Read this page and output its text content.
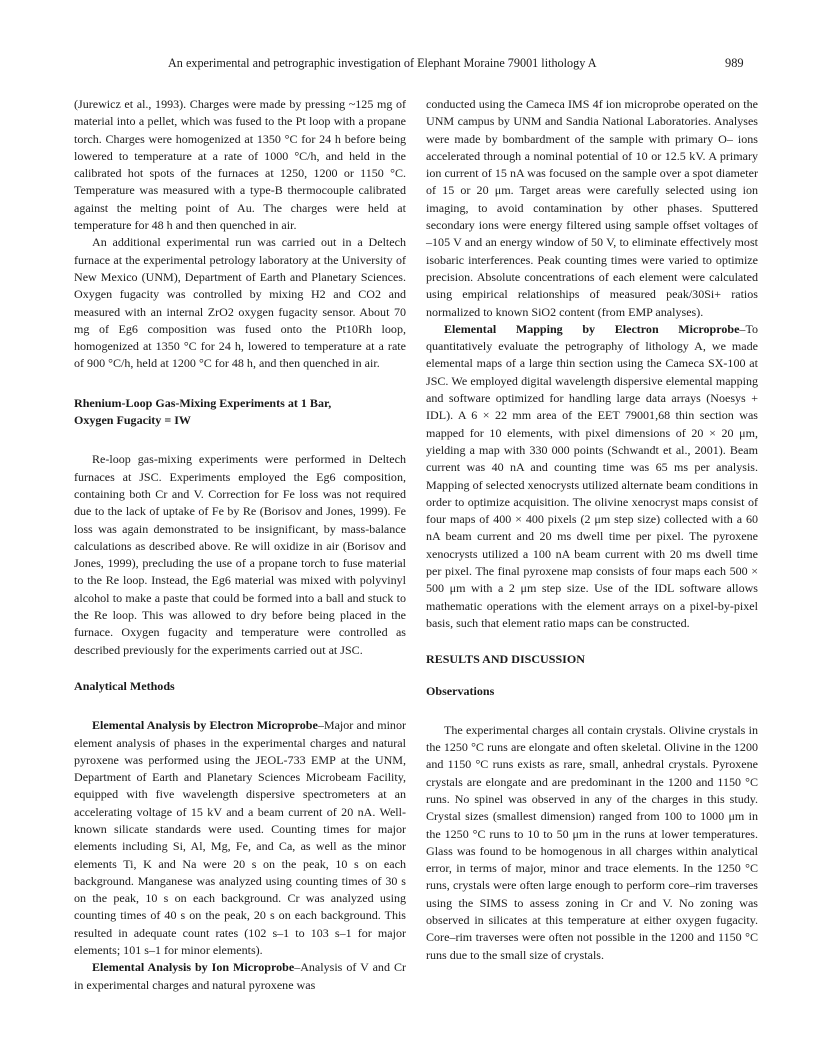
An experimental and petrographic investigation of Elephant Moraine 79001 lithology A	989

(Jurewicz et al., 1993). Charges were made by pressing ~125 mg of material into a pellet, which was fused to the Pt loop with a propane torch. Charges were homogenized at 1350 °C for 24 h before being lowered to temperature at a rate of 1000 °C/h, and held in the calibrated hot spots of the furnaces at 1250, 1200 or 1150 °C. Temperature was measured with a type-B thermocouple calibrated against the melting point of Au. The charges were held at temperature for 48 h and then quenched in air.

An additional experimental run was carried out in a Deltech furnace at the experimental petrology laboratory at the University of New Mexico (UNM), Department of Earth and Planetary Sciences. Oxygen fugacity was controlled by mixing H2 and CO2 and measured with an internal ZrO2 oxygen fugacity sensor. About 70 mg of Eg6 composition was fused onto the Pt10Rh loop, homogenized at 1350 °C for 24 h, lowered to temperature at a rate of 900 °C/h, held at 1200 °C for 48 h, and then quenched in air.

Rhenium-Loop Gas-Mixing Experiments at 1 Bar,

Oxygen Fugacity = IW

Re-loop gas-mixing experiments were performed in Deltech furnaces at JSC. Experiments employed the Eg6 composition, containing both Cr and V. Correction for Fe loss was not required due to the lack of uptake of Fe by Re (Borisov and Jones, 1999). Fe loss was again demonstrated to be insignificant, by mass-balance calculations as described above. Re will oxidize in air (Borisov and Jones, 1999), precluding the use of a propane torch to fuse material to the Re loop. Instead, the Eg6 material was mixed with polyvinyl alcohol to make a paste that could be formed into a ball and stuck to the Re loop. This was allowed to dry before being placed in the furnace. Oxygen fugacity and temperature were controlled as described previously for the experiments carried out at JSC.

Analytical Methods

Elemental Analysis by Electron Microprobe–Major and minor element analysis of phases in the experimental charges and natural pyroxene was performed using the JEOL-733 EMP at the UNM, Department of Earth and Planetary Sciences Microbeam Facility, equipped with five wavelength dispersive spectrometers at an accelerating voltage of 15 kV and a beam current of 20 nA. Well-known silicate standards were used. Counting times for major elements including Si, Al, Mg, Fe, and Ca, as well as the minor elements Ti, K and Na were 20 s on the peak, 10 s on each background. Manganese was analyzed using counting times of 30 s on the peak, 10 s on each background. Cr was analyzed using counting times of 40 s on the peak, 20 s on each background. This resulted in adequate count rates (102 s–1 to 103 s–1 for major elements; 101 s–1 for minor elements).

Elemental Analysis by Ion Microprobe–Analysis of V and Cr in experimental charges and natural pyroxene was

conducted using the Cameca IMS 4f ion microprobe operated on the UNM campus by UNM and Sandia National Laboratories. Analyses were made by bombardment of the sample with primary O– ions accelerated through a nominal potential of 10 or 12.5 kV. A primary ion current of 15 nA was focused on the sample over a spot diameter of 15 or 20 μm. Target areas were carefully selected using ion imaging, to avoid contamination by other phases. Sputtered secondary ions were energy filtered using sample offset voltages of –105 V and an energy window of 50 V, to eliminate effectively most isobaric interferences. Peak counting times were varied to optimize precision. Absolute concentrations of each element were calculated using empirical relationships of measured peak/30Si+ ratios normalized to known SiO2 content (from EMP analyses).

Elemental Mapping by Electron Microprobe–To quantitatively evaluate the petrography of lithology A, we made elemental maps of a large thin section using the Cameca SX-100 at JSC. We employed digital wavelength dispersive elemental mapping and software optimized for handling large data arrays (Noesys + IDL). A 6 × 22 mm area of the EET 79001,68 thin section was mapped for 10 elements, with pixel dimensions of 20 × 20 μm, yielding a map with 330 000 points (Schwandt et al., 2001). Beam current was 40 nA and counting time was 65 ms per analysis. Mapping of selected xenocrysts utilized alternate beam conditions in order to optimize acquisition. The olivine xenocryst maps consist of four maps of 400 × 400 pixels (2 μm step size) collected with a 60 nA beam current and 20 ms dwell time per pixel. The pyroxene xenocrysts utilized a 100 nA beam current with 20 ms dwell time per pixel. The final pyroxene map consists of four maps each 500 × 500 μm with a 2 μm step size. Use of the IDL software allows mathematic operations with the element arrays on a pixel-by-pixel basis, such that element ratio maps can be constructed.

RESULTS AND DISCUSSION

Observations

The experimental charges all contain crystals. Olivine crystals in the 1250 °C runs are elongate and often skeletal. Olivine in the 1200 and 1150 °C runs exists as rare, small, anhedral crystals. Pyroxene crystals are elongate and are predominant in the 1200 and 1150 °C runs. No spinel was observed in any of the charges in this study. Crystal sizes (smallest dimension) ranged from 100 to 1000 μm in the 1250 °C runs to 10 to 50 μm in the runs at lower temperatures. Glass was found to be homogenous in all charges within analytical error, in terms of major, minor and trace elements. In the 1250 °C runs, crystals were often large enough to perform core–rim traverses using the SIMS to assess zoning in Cr and V. No zoning was observed in silicates at this temperature at either oxygen fugacity. Core–rim traverses were often not possible in the 1200 and 1150 °C runs due to the small size of crystals.
